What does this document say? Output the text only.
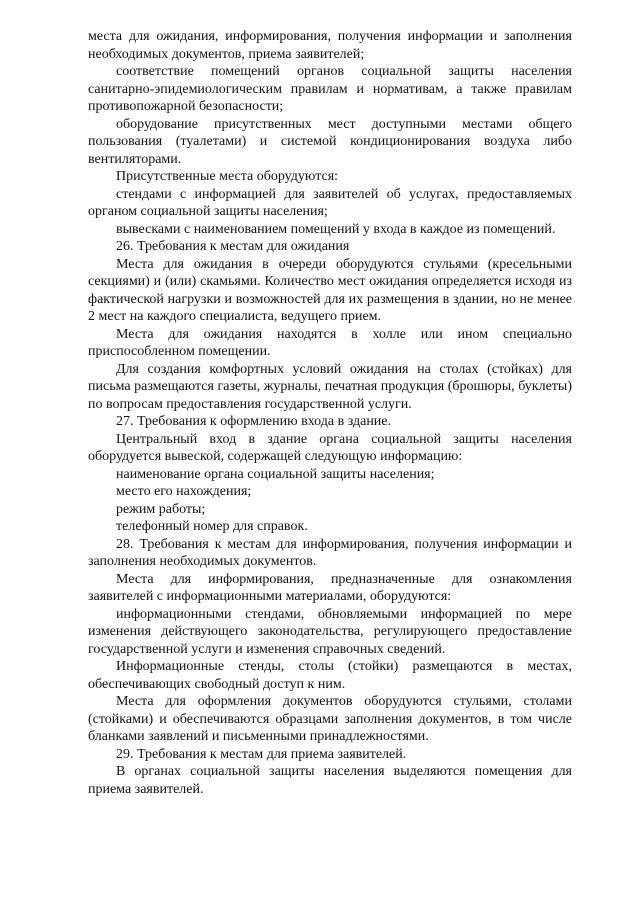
места для ожидания, информирования, получения информации и заполнения необходимых документов, приема заявителей;

соответствие помещений органов социальной защиты населения санитарно-эпидемиологическим правилам и нормативам, а также правилам противопожарной безопасности;

оборудование присутственных мест доступными местами общего пользования (туалетами) и системой кондиционирования воздуха либо вентиляторами.

Присутственные места оборудуются:

стендами с информацией для заявителей об услугах, предоставляемых органом социальной защиты населения;

вывесками с наименованием помещений у входа в каждое из помещений.

26. Требования к местам для ожидания

Места для ожидания в очереди оборудуются стульями (кресельными секциями) и (или) скамьями. Количество мест ожидания определяется исходя из фактической нагрузки и возможностей для их размещения в здании, но не менее 2 мест на каждого специалиста, ведущего прием.

Места для ожидания находятся в холле или ином специально приспособленном помещении.

Для создания комфортных условий ожидания на столах (стойках) для письма размещаются газеты, журналы, печатная продукция (брошюры, буклеты) по вопросам предоставления государственной услуги.

27. Требования к оформлению входа в здание.

Центральный вход в здание органа социальной защиты населения оборудуется вывеской, содержащей следующую информацию:

наименование органа социальной защиты населения;

место его нахождения;

режим работы;

телефонный номер для справок.

28. Требования к местам для информирования, получения информации и заполнения необходимых документов.

Места для информирования, предназначенные для ознакомления заявителей с информационными материалами, оборудуются:

информационными стендами, обновляемыми информацией по мере изменения действующего законодательства, регулирующего предоставление государственной услуги и изменения справочных сведений.

Информационные стенды, столы (стойки) размещаются в местах, обеспечивающих свободный доступ к ним.

Места для оформления документов оборудуются стульями, столами (стойками) и обеспечиваются образцами заполнения документов, в том числе бланками заявлений и письменными принадлежностями.

29. Требования к местам для приема заявителей.

В органах социальной защиты населения выделяются помещения для приема заявителей.
